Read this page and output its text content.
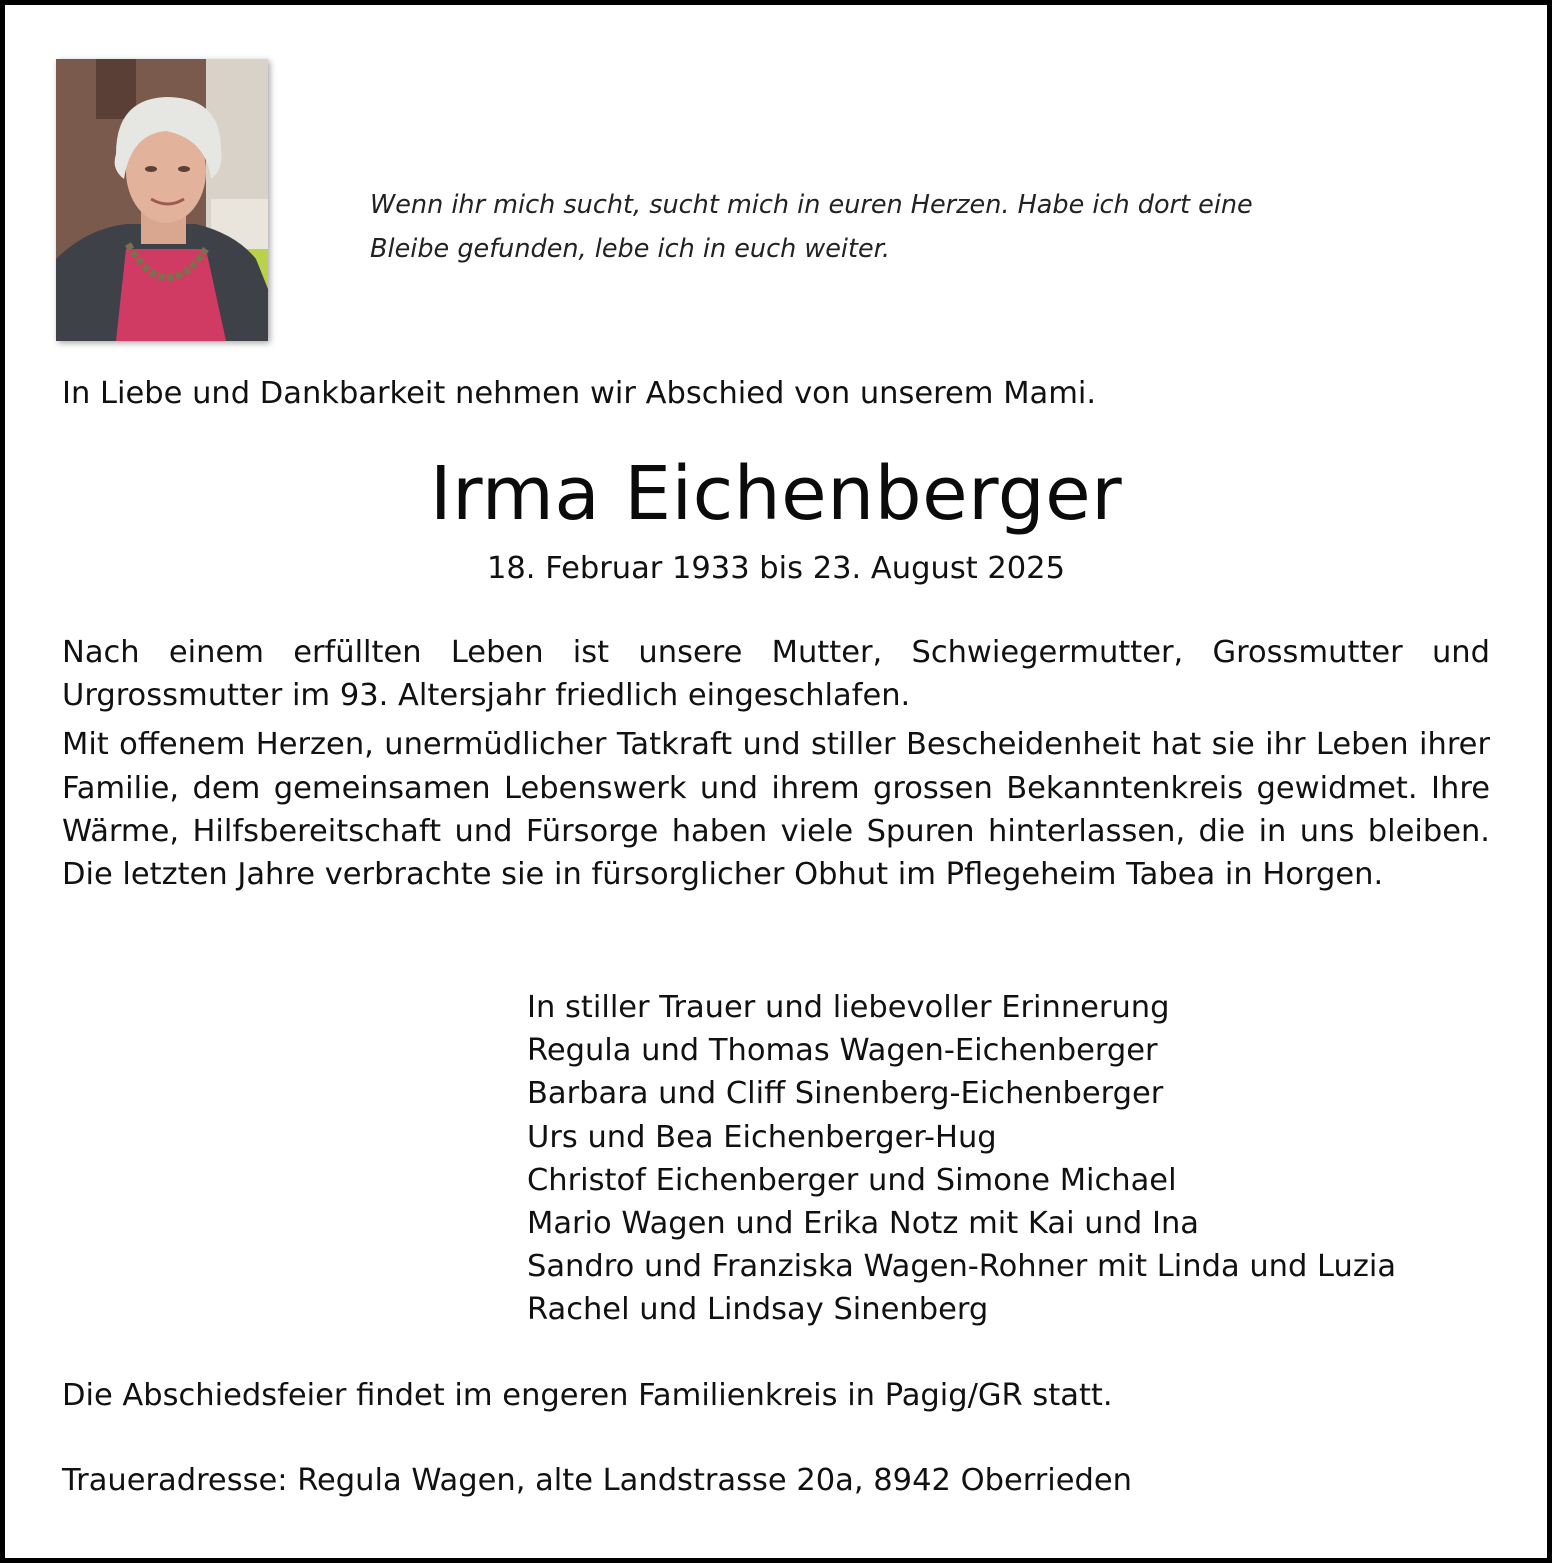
Wenn ihr mich sucht, sucht mich in euren Herzen. Habe ich dort eine
Bleibe gefunden, lebe ich in euch weiter.
In Liebe und Dankbarkeit nehmen wir Abschied von unserem Mami.
Irma Eichenberger
18. Februar 1933 bis 23. August 2025

Nach einem erfüllten Leben ist unsere Mutter, Schwiegermutter, Grossmutter und Urgrossmutter im 93. Altersjahr friedlich eingeschlafen.

Mit offenem Herzen, unermüdlicher Tatkraft und stiller Bescheidenheit hat sie ihr Leben ihrer Familie, dem gemeinsamen Lebenswerk und ihrem grossen Bekanntenkreis gewidmet. Ihre Wärme, Hilfsbereitschaft und Fürsorge haben viele Spuren hinterlassen, die in uns bleiben. Die letzten Jahre verbrachte sie in fürsorglicher Obhut im Pflegeheim Tabea in Horgen.

In stiller Trauer und liebevoller Erinnerung
Regula und Thomas Wagen-Eichenberger
Barbara und Cliff Sinenberg-Eichenberger
Urs und Bea Eichenberger-Hug
Christof Eichenberger und Simone Michael
Mario Wagen und Erika Notz mit Kai und Ina
Sandro und Franziska Wagen-Rohner mit Linda und Luzia
Rachel und Lindsay Sinenberg
Die Abschiedsfeier findet im engeren Familienkreis in Pagig/GR statt.
Traueradresse: Regula Wagen, alte Landstrasse 20a, 8942 Oberrieden
